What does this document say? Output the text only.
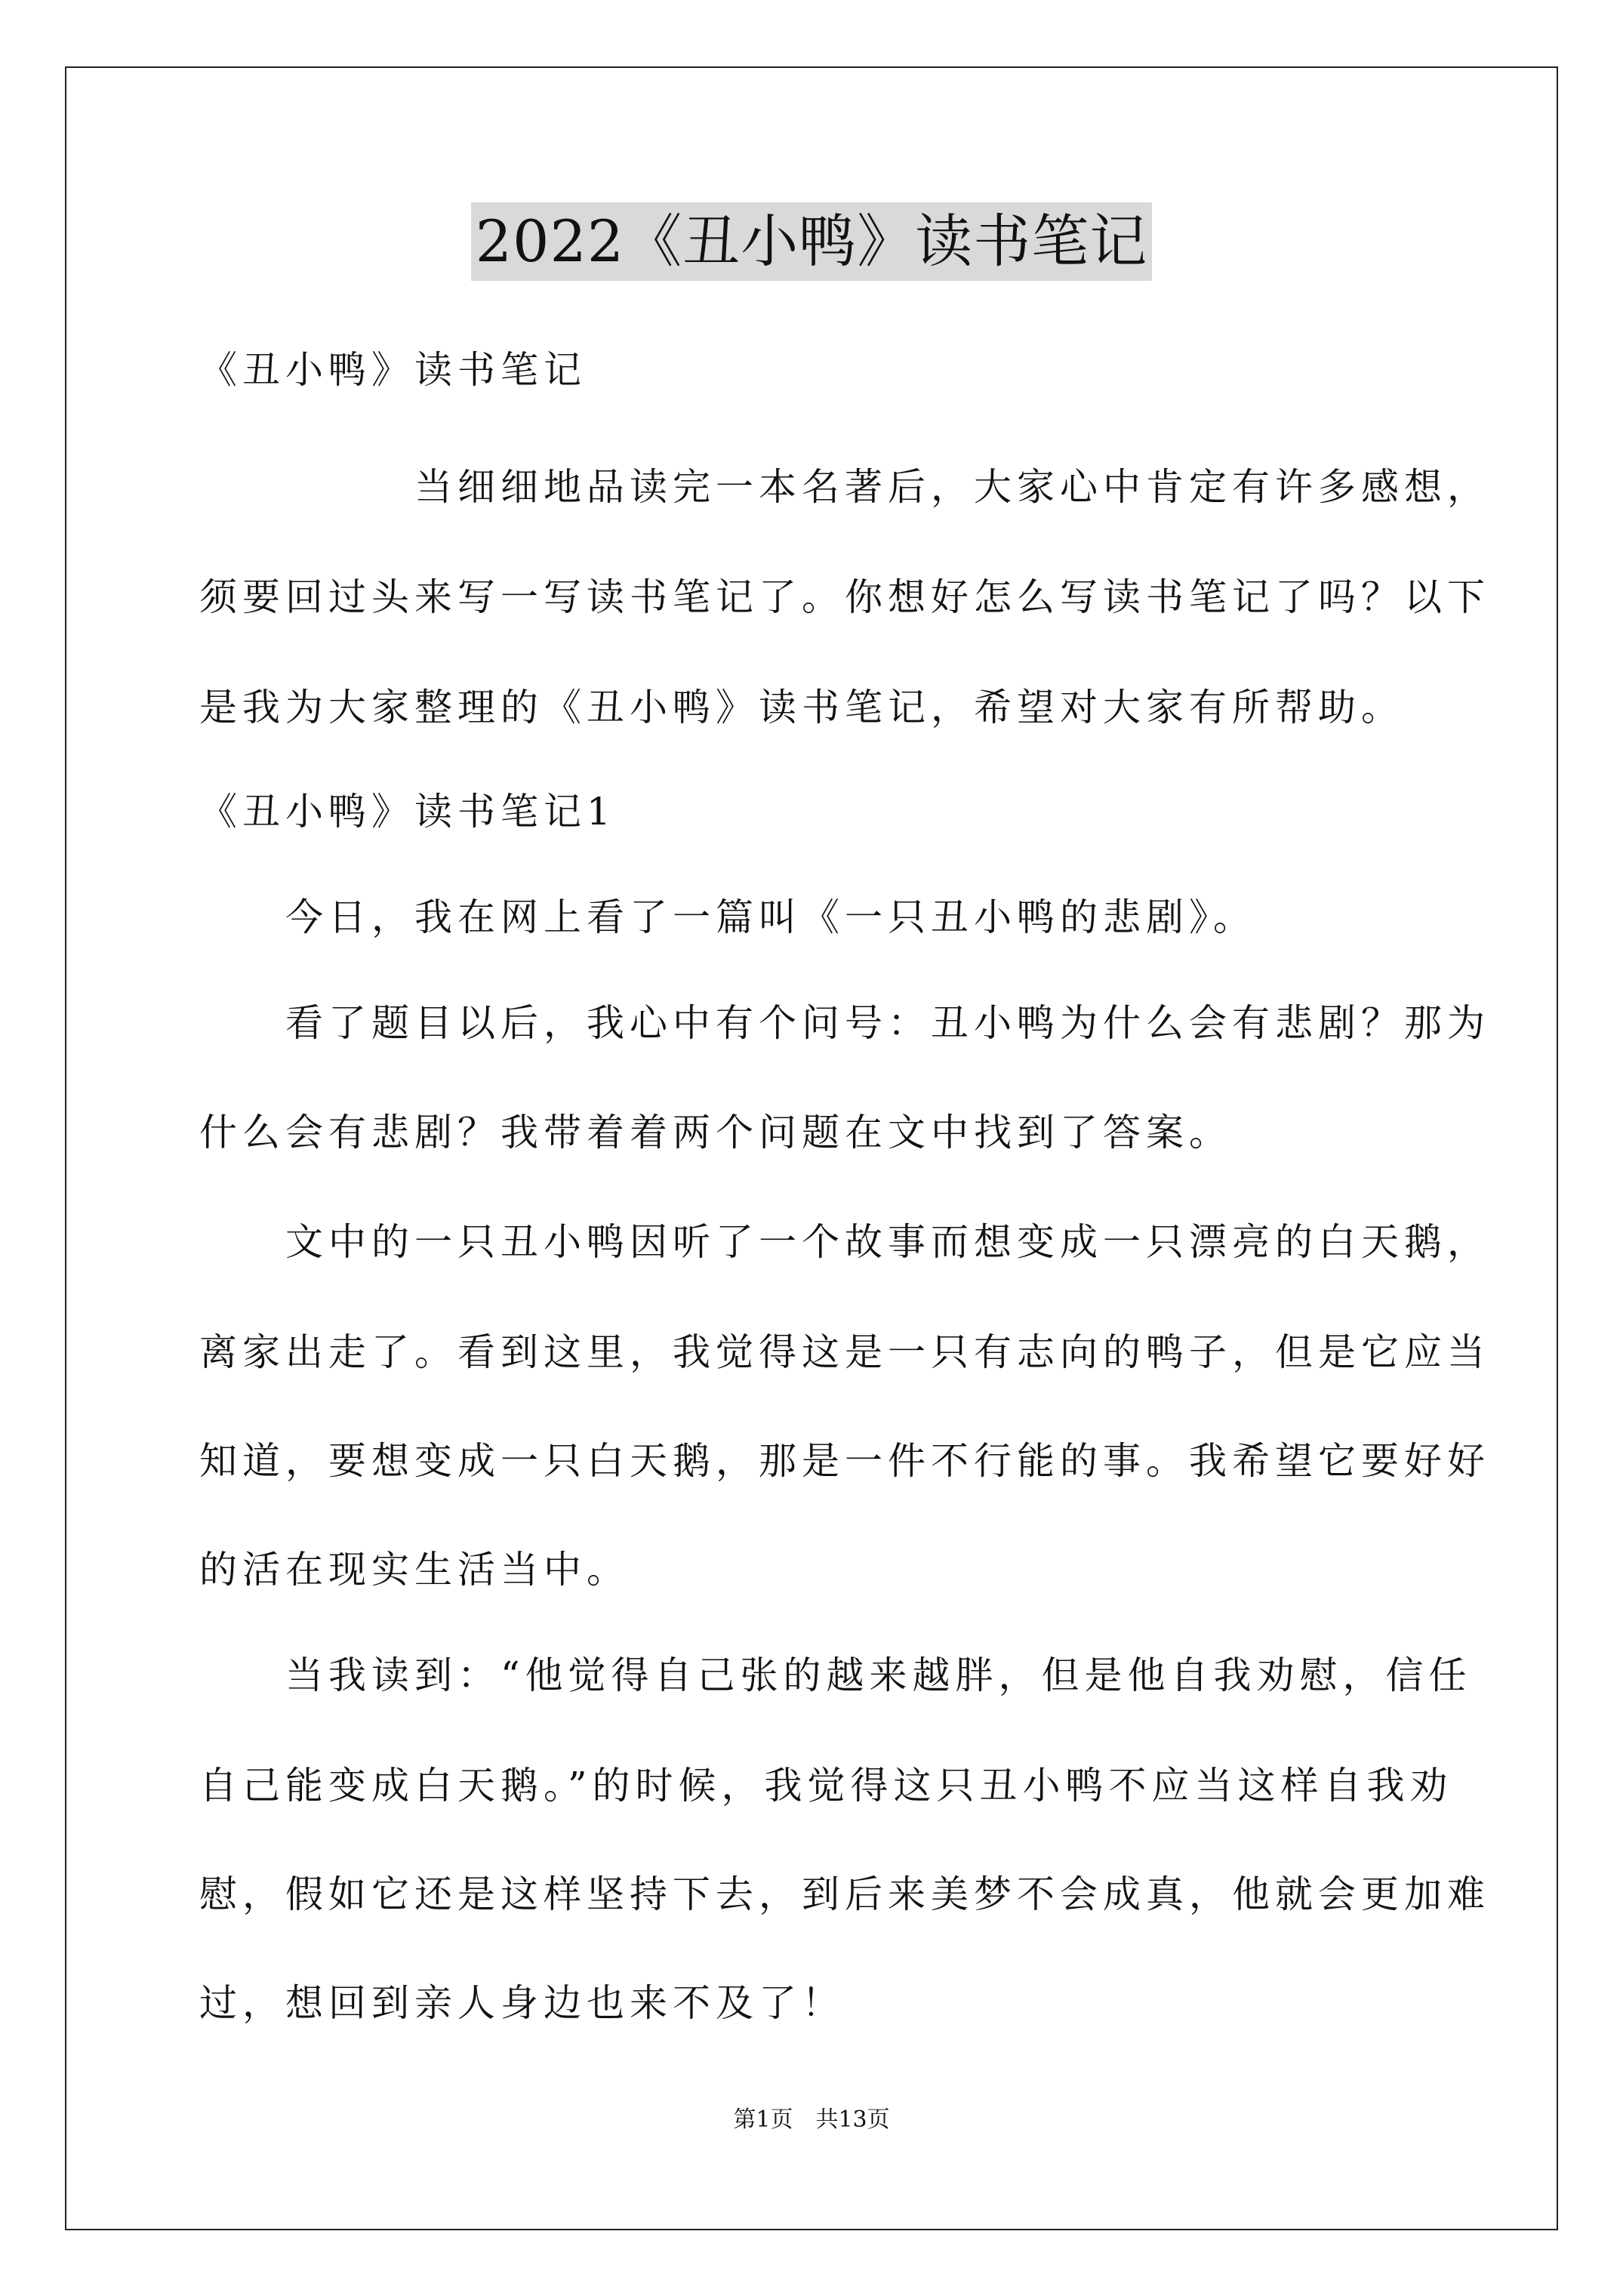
2022《丑小鸭》读书笔记
《丑小鸭》读书笔记
　　　　　当细细地品读完一本名著后，大家心中肯定有许多感想，
须要回过头来写一写读书笔记了。你想好怎么写读书笔记了吗？以下
是我为大家整理的《丑小鸭》读书笔记，希望对大家有所帮助。
《丑小鸭》读书笔记1
　　今日，我在网上看了一篇叫《一只丑小鸭的悲剧》。
　　看了题目以后，我心中有个问号：丑小鸭为什么会有悲剧？那为
什么会有悲剧？我带着着两个问题在文中找到了答案。
　　文中的一只丑小鸭因听了一个故事而想变成一只漂亮的白天鹅，
离家出走了。看到这里，我觉得这是一只有志向的鸭子，但是它应当
知道，要想变成一只白天鹅，那是一件不行能的事。我希望它要好好
的活在现实生活当中。
　　当我读到：“他觉得自己张的越来越胖，但是他自我劝慰，信任
自己能变成白天鹅。”的时候，我觉得这只丑小鸭不应当这样自我劝
慰，假如它还是这样坚持下去，到后来美梦不会成真，他就会更加难
过，想回到亲人身边也来不及了！
第1页　共13页
